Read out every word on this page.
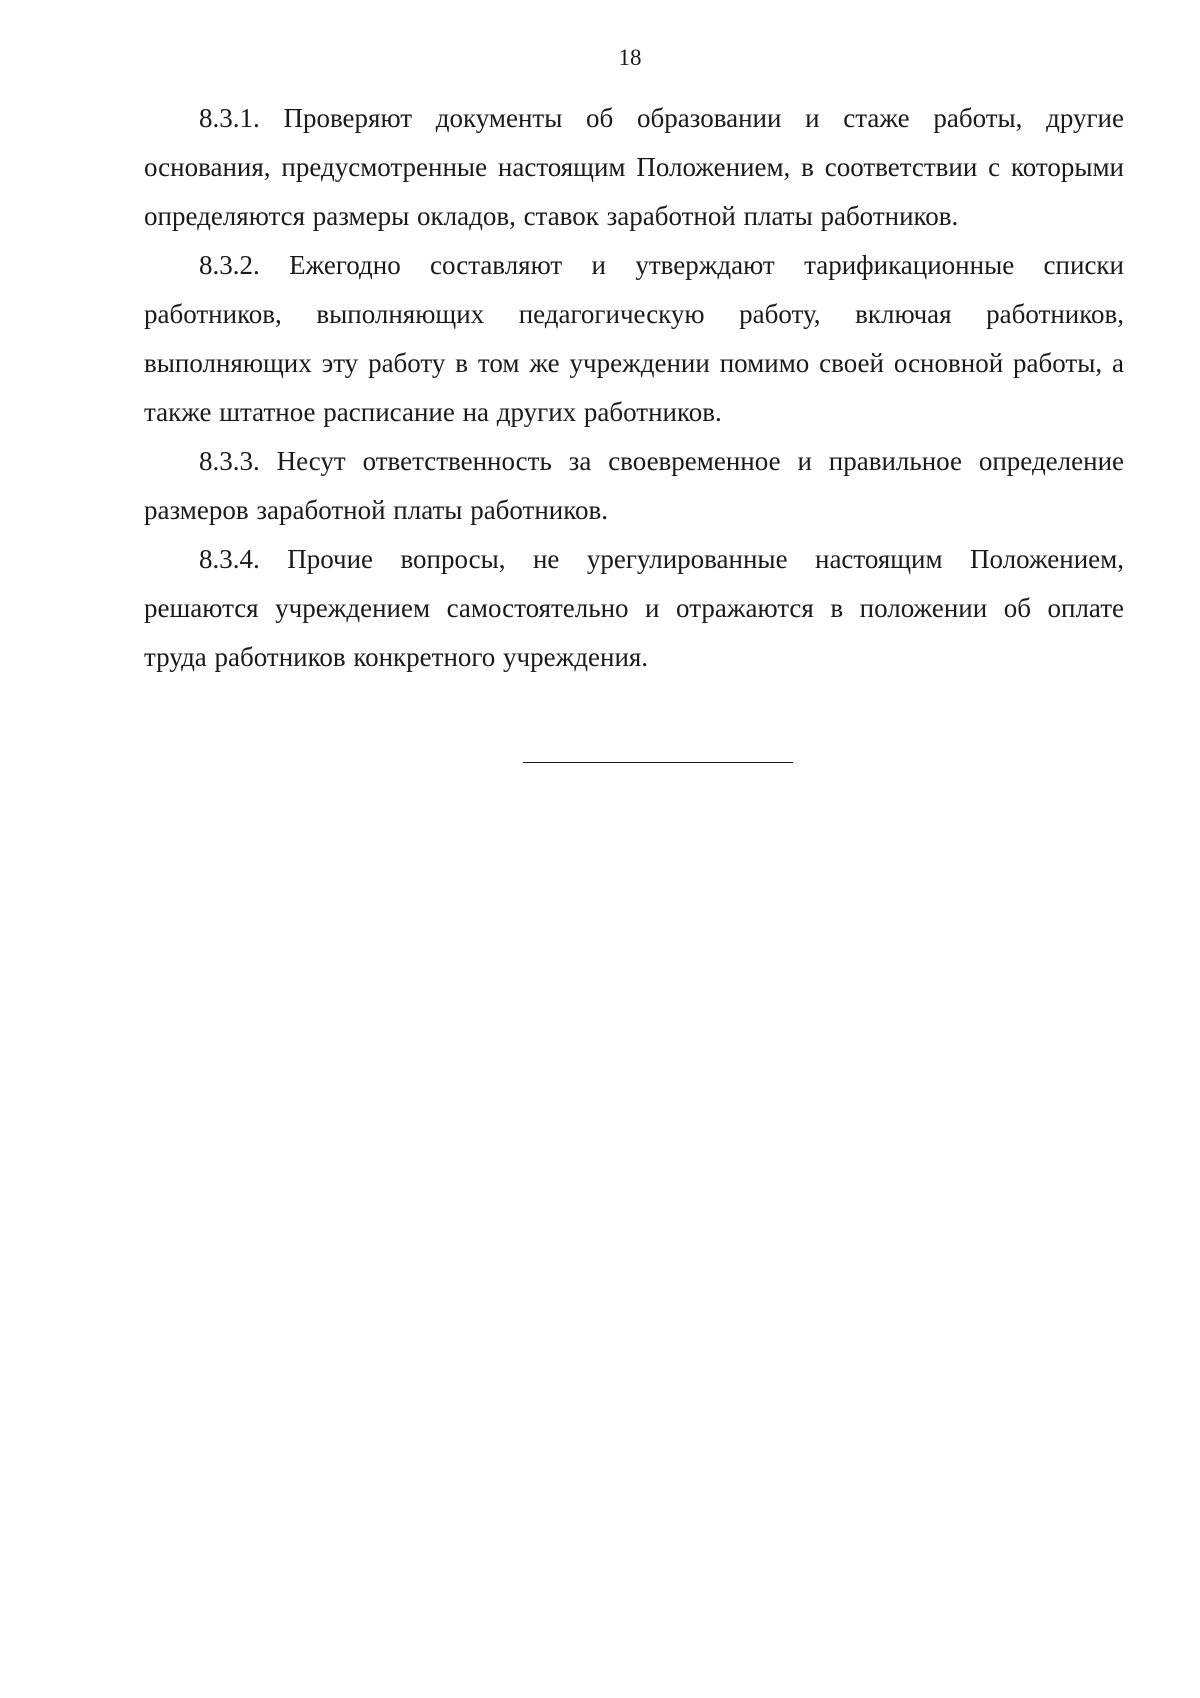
18

8.3.1. Проверяют документы об образовании и стаже работы, другие основания, предусмотренные настоящим Положением, в соответствии с которыми определяются размеры окладов, ставок заработной платы работников.

8.3.2. Ежегодно составляют и утверждают тарификационные списки работников, выполняющих педагогическую работу, включая работников, выполняющих эту работу в том же учреждении помимо своей основной работы, а также штатное расписание на других работников.

8.3.3. Несут ответственность за своевременное и правильное определение размеров заработной платы работников.

8.3.4. Прочие вопросы, не урегулированные настоящим Положением, решаются учреждением самостоятельно и отражаются в положении об оплате труда работников конкретного учреждения.
